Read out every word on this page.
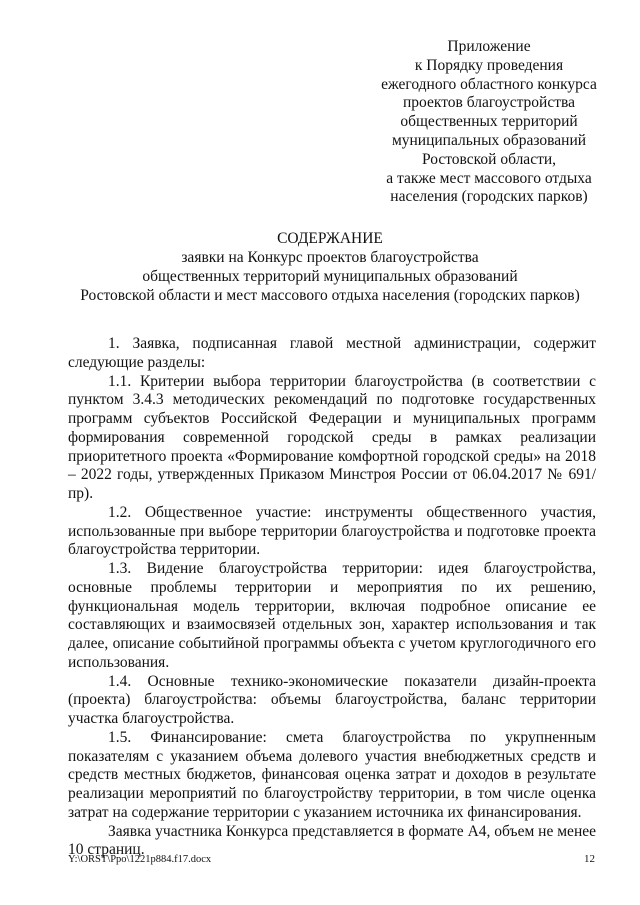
Приложение
к Порядку проведения
ежегодного областного конкурса
проектов благоустройства
общественных территорий
муниципальных образований
Ростовской области,
а также мест массового отдыха
населения (городских парков)
СОДЕРЖАНИЕ
заявки на Конкурс проектов благоустройства
общественных территорий муниципальных образований
Ростовской области и мест массового отдыха населения (городских парков)

1. Заявка, подписанная главой местной администрации, содержит следующие разделы:

1.1. Критерии выбора территории благоустройства (в соответствии с пунктом 3.4.3 методических рекомендаций по подготовке государственных программ субъектов Российской Федерации и муниципальных программ формирования современной городской среды в рамках реализации приоритетного проекта «Формирование комфортной городской среды» на 2018 – 2022 годы, утвержденных Приказом Минстроя России от 06.04.2017 № 691/пр).

1.2. Общественное участие: инструменты общественного участия, использованные при выборе территории благоустройства и подготовке проекта благоустройства территории.

1.3. Видение благоустройства территории: идея благоустройства, основные проблемы территории и мероприятия по их решению, функциональная модель территории, включая подробное описание ее составляющих и взаимосвязей отдельных зон, характер использования и так далее, описание событийной программы объекта с учетом круглогодичного его использования.

1.4. Основные технико-экономические показатели дизайн-проекта (проекта) благоустройства: объемы благоустройства, баланс территории участка благоустройства.

1.5. Финансирование: смета благоустройства по укрупненным показателям с указанием объема долевого участия внебюджетных средств и средств местных бюджетов, финансовая оценка затрат и доходов в результате реализации мероприятий по благоустройству территории, в том числе оценка затрат на содержание территории с указанием источника их финансирования.

Заявка участника Конкурса представляется в формате А4, объем не менее 10 страниц.

Y:\ORST\Ppo\1221p884.f17.docx	12
